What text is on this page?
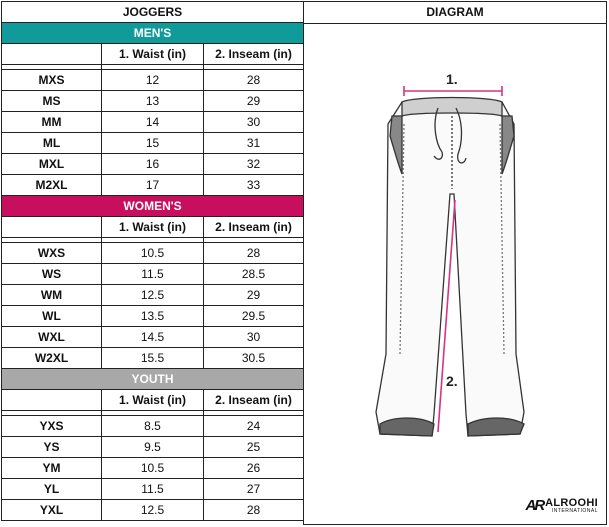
JOGGERS		
MEN'S		
	1. Waist (in)	2. Inseam (in)

MXS	12	28
MS	13	29
MM	14	30
ML	15	31
MXL	16	32
M2XL	17	33
WOMEN'S		
	1. Waist (in)	2. Inseam (in)

WXS	10.5	28
WS	11.5	28.5
WM	12.5	29
WL	13.5	29.5
WXL	14.5	30
W2XL	15.5	30.5
YOUTH		
	1. Waist (in)	2. Inseam (in)

YXS	8.5	24
YS	9.5	25
YM	10.5	26
YL	11.5	27
YXL	12.5	28
DIAGRAM
1.
2.
AR ALROOHI
INTERNATIONAL
